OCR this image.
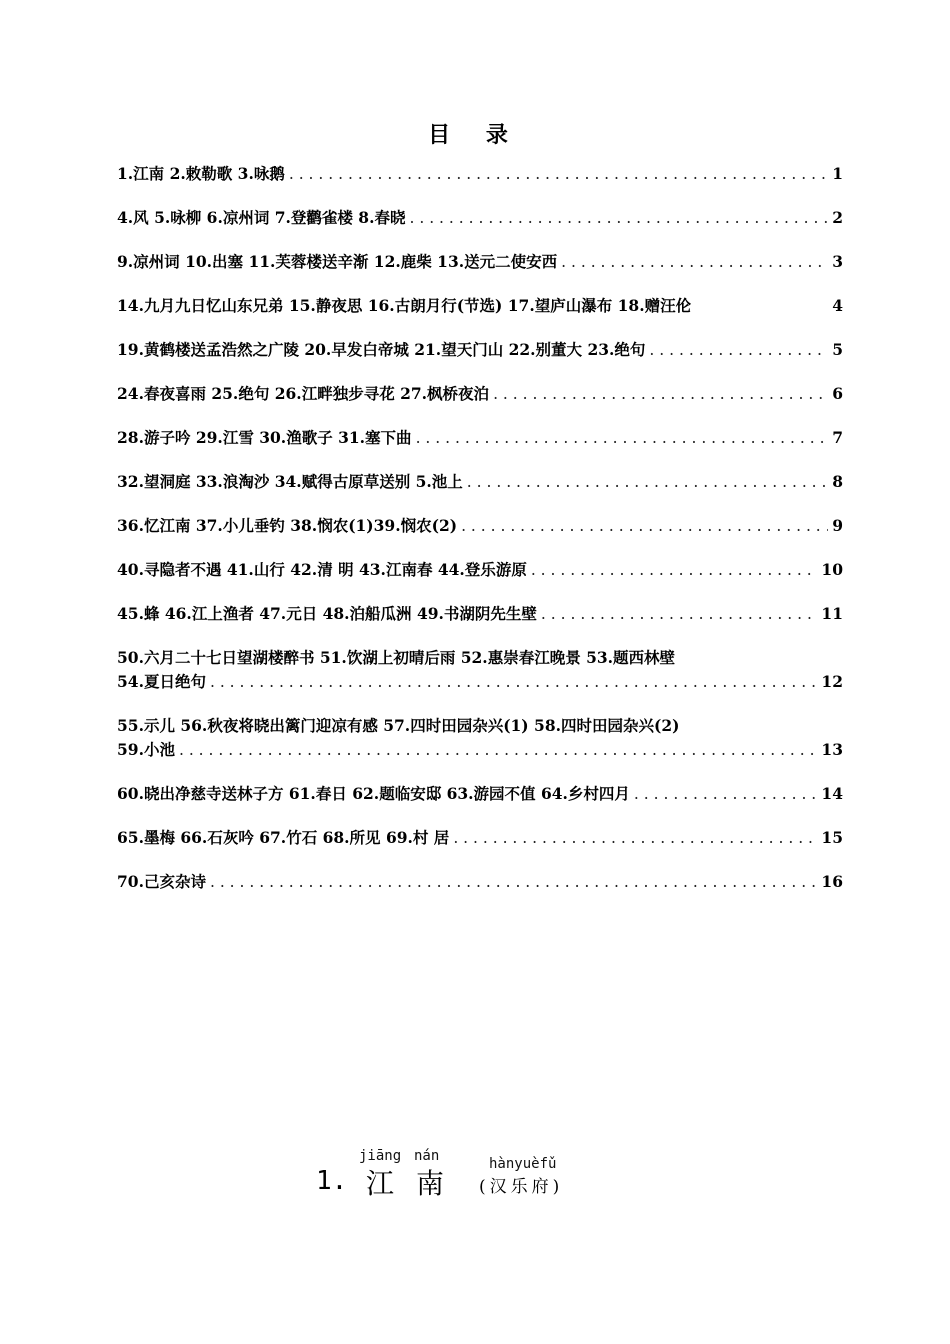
目 录
1.江南 2.敕勒歌 3.咏鹅 . . .	1
4.风 5.咏柳 6.凉州词 7.登鹳雀楼 8.春晓 . . .	2
9.凉州词 10.出塞 11.芙蓉楼送辛渐 12.鹿柴 13.送元二使安西 . . .	3
14.九月九日忆山东兄弟 15.静夜思 16.古朗月行(节选) 17.望庐山瀑布 18.赠汪伦	4
19.黄鹤楼送孟浩然之广陵 20.早发白帝城 21.望天门山 22.别董大 23.绝句 . . .	5
24.春夜喜雨 25.绝句 26.江畔独步寻花 27.枫桥夜泊 . . .	6
28.游子吟 29.江雪 30.渔歌子 31.塞下曲 . . .	7
32.望洞庭 33.浪淘沙 34.赋得古原草送别 5.池上 . . .	8
36.忆江南 37.小儿垂钓 38.悯农(1)39.悯农(2) . . .	9
40.寻隐者不遇 41.山行 42.清 明 43.江南春 44.登乐游原 . . .	10
45.蜂 46.江上渔者 47.元日 48.泊船瓜洲 49.书湖阴先生壁 . . .	11
50.六月二十七日望湖楼醉书 51.饮湖上初晴后雨 52.惠崇春江晚景 53.题西林壁
54.夏日绝句 . . .	12
55.示儿 56.秋夜将晓出篱门迎凉有感 57.四时田园杂兴(1) 58.四时田园杂兴(2)
59.小池 . . .	13
60.晓出净慈寺送林子方 61.春日 62.题临安邸 63.游园不值 64.乡村四月 . . .	14
65.墨梅 66.石灰吟 67.竹石 68.所见 69.村 居 . . .	15
70.己亥杂诗 . . .	16
jiāng nán	hànyuèfǔ
1. 江南 (汉乐府)
